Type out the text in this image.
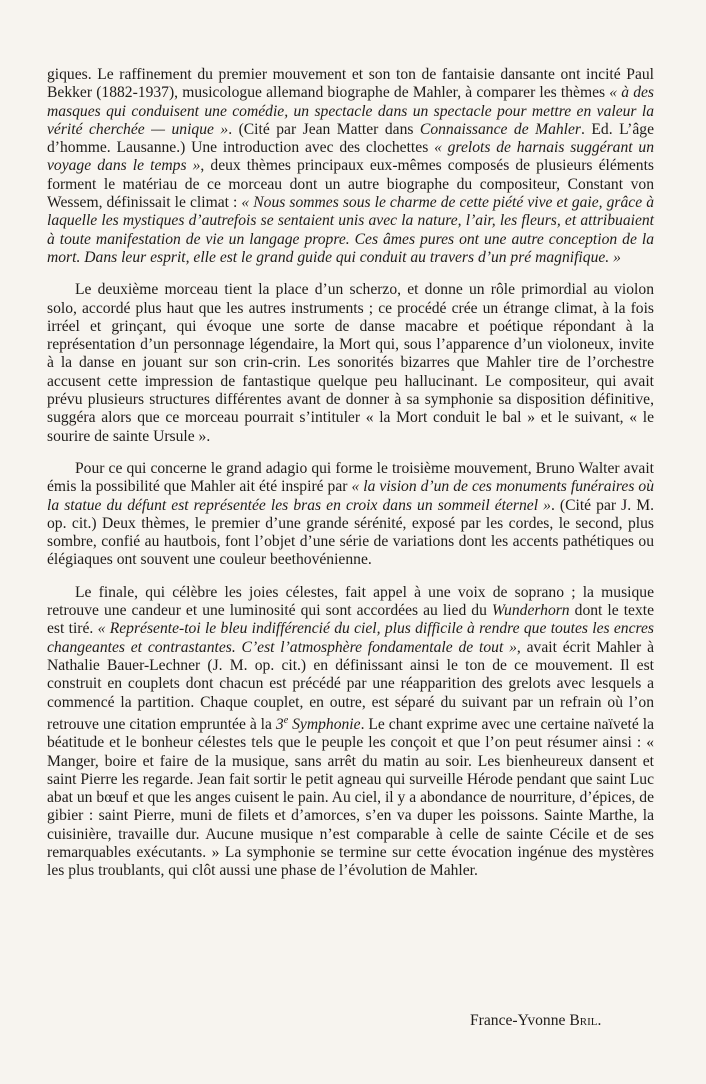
giques. Le raffinement du premier mouvement et son ton de fantaisie dansante ont incité Paul Bekker (1882-1937), musicologue allemand biographe de Mahler, à comparer les thèmes « à des masques qui conduisent une comédie, un spectacle dans un spectacle pour mettre en valeur la vérité cherchée — unique ». (Cité par Jean Matter dans Connaissance de Mahler. Ed. L’âge d’homme. Lausanne.) Une introduction avec des clochettes « grelots de harnais suggérant un voyage dans le temps », deux thèmes principaux eux-mêmes composés de plusieurs éléments forment le matériau de ce morceau dont un autre biographe du compositeur, Constant von Wessem, définissait le climat : « Nous sommes sous le charme de cette piété vive et gaie, grâce à laquelle les mystiques d’autrefois se sentaient unis avec la nature, l’air, les fleurs, et attribuaient à toute manifestation de vie un langage propre. Ces âmes pures ont une autre conception de la mort. Dans leur esprit, elle est le grand guide qui conduit au travers d’un pré magnifique. »

Le deuxième morceau tient la place d’un scherzo, et donne un rôle primordial au violon solo, accordé plus haut que les autres instruments ; ce procédé crée un étrange climat, à la fois irréel et grinçant, qui évoque une sorte de danse macabre et poétique répondant à la représentation d’un personnage légendaire, la Mort qui, sous l’apparence d’un violoneux, invite à la danse en jouant sur son crin-crin. Les sonorités bizarres que Mahler tire de l’orchestre accusent cette impression de fantastique quelque peu hallucinant. Le compositeur, qui avait prévu plusieurs structures différentes avant de donner à sa symphonie sa disposition définitive, suggéra alors que ce morceau pourrait s’intituler « la Mort conduit le bal » et le suivant, « le sourire de sainte Ursule ».

Pour ce qui concerne le grand adagio qui forme le troisième mouvement, Bruno Walter avait émis la possibilité que Mahler ait été inspiré par « la vision d’un de ces monuments funéraires où la statue du défunt est représentée les bras en croix dans un sommeil éternel ». (Cité par J. M. op. cit.) Deux thèmes, le premier d’une grande sérénité, exposé par les cordes, le second, plus sombre, confié au hautbois, font l’objet d’une série de variations dont les accents pathétiques ou élégiaques ont souvent une couleur beethovénienne.

Le finale, qui célèbre les joies célestes, fait appel à une voix de soprano ; la musique retrouve une candeur et une luminosité qui sont accordées au lied du Wunderhorn dont le texte est tiré. « Représente-toi le bleu indifférencié du ciel, plus difficile à rendre que toutes les encres changeantes et contrastantes. C’est l’atmosphère fondamentale de tout », avait écrit Mahler à Nathalie Bauer-Lechner (J. M. op. cit.) en définissant ainsi le ton de ce mouvement. Il est construit en couplets dont chacun est précédé par une réapparition des grelots avec lesquels a commencé la partition. Chaque couplet, en outre, est séparé du suivant par un refrain où l’on retrouve une citation empruntée à la 3e Symphonie. Le chant exprime avec une certaine naïveté la béatitude et le bonheur célestes tels que le peuple les conçoit et que l’on peut résumer ainsi : « Manger, boire et faire de la musique, sans arrêt du matin au soir. Les bienheureux dansent et saint Pierre les regarde. Jean fait sortir le petit agneau qui surveille Hérode pendant que saint Luc abat un bœuf et que les anges cuisent le pain. Au ciel, il y a abondance de nourriture, d’épices, de gibier : saint Pierre, muni de filets et d’amorces, s’en va duper les poissons. Sainte Marthe, la cuisinière, travaille dur. Aucune musique n’est comparable à celle de sainte Cécile et de ses remarquables exécutants. » La symphonie se termine sur cette évocation ingénue des mystères les plus troublants, qui clôt aussi une phase de l’évolution de Mahler.

France-Yvonne Bril.
